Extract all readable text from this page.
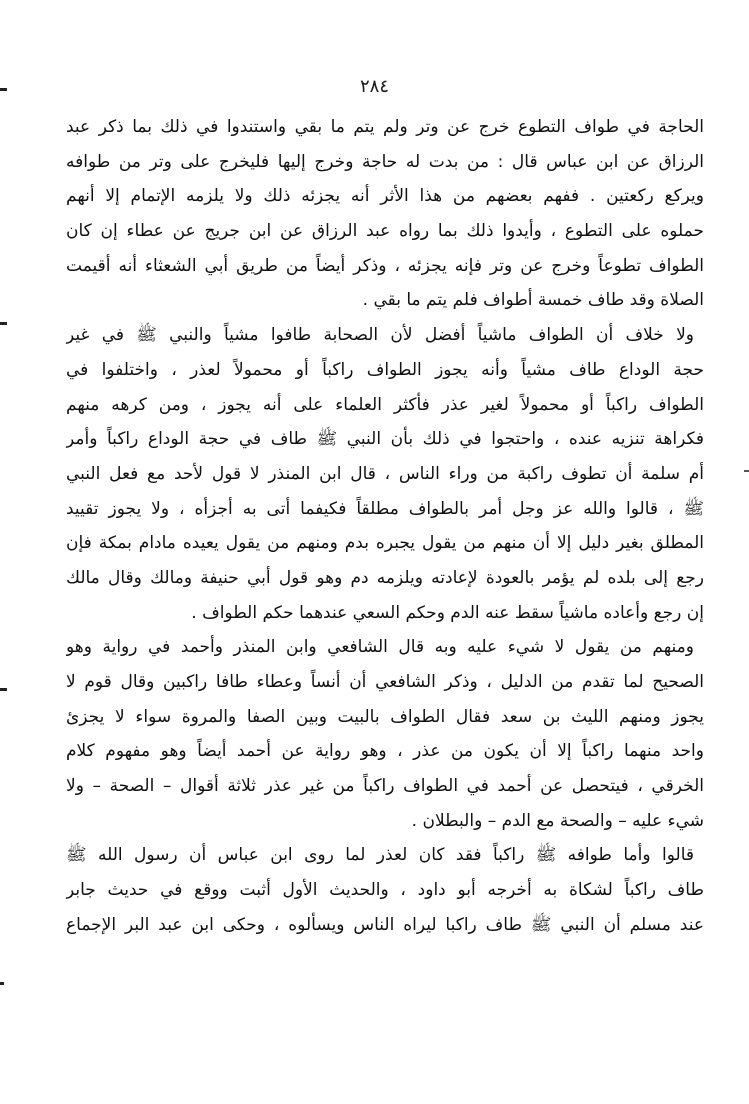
٢٨٤
الحاجة في طواف التطوع خرج عن وتر ولم يتم ما بقي واستندوا في ذلك بما ذكر عبد
الرزاق عن ابن عباس قال : من بدت له حاجة وخرج إليها فليخرج على وتر من طوافه
ويركع ركعتين . ففهم بعضهم من هذا الأثر أنه يجزئه ذلك ولا يلزمه الإتمام إلا أنهم
حملوه على التطوع ، وأيدوا ذلك بما رواه عبد الرزاق عن ابن جريج عن عطاء إن كان
الطواف تطوعاً وخرج عن وتر فإنه يجزئه ، وذكر أيضاً من طريق أبي الشعثاء أنه أقيمت
الصلاة وقد طاف خمسة أطواف فلم يتم ما بقي .
ولا خلاف أن الطواف ماشياً أفضل لأن الصحابة طافوا مشياً والنبي ﷺ في غير
حجة الوداع طاف مشياً وأنه يجوز الطواف راكباً أو محمولاً لعذر ، واختلفوا في
الطواف راكباً أو محمولاً لغير عذر فأكثر العلماء على أنه يجوز ، ومن كرهه منهم
فكراهة تنزيه عنده ، واحتجوا في ذلك بأن النبي ﷺ طاف في حجة الوداع راكباً وأمر
أم سلمة أن تطوف راكبة من وراء الناس ، قال ابن المنذر لا قول لأحد مع فعل النبي
ﷺ ، قالوا والله عز وجل أمر بالطواف مطلقاً فكيفما أتى به أجزأه ، ولا يجوز تقييد
المطلق بغير دليل إلا أن منهم من يقول يجبره بدم ومنهم من يقول يعيده مادام بمكة فإن
رجع إلى بلده لم يؤمر بالعودة لإعادته ويلزمه دم وهو قول أبي حنيفة ومالك وقال مالك
إن رجع وأعاده ماشياً سقط عنه الدم وحكم السعي عندهما حكم الطواف .
ومنهم من يقول لا شيء عليه وبه قال الشافعي وابن المنذر وأحمد في رواية وهو
الصحيح لما تقدم من الدليل ، وذكر الشافعي أن أنساً وعطاء طافا راكبين وقال قوم لا
يجوز ومنهم الليث بن سعد فقال الطواف بالبيت وبين الصفا والمروة سواء لا يجزئ
واحد منهما راكباً إلا أن يكون من عذر ، وهو رواية عن أحمد أيضاً وهو مفهوم كلام
الخرقي ، فيتحصل عن أحمد في الطواف راكباً من غير عذر ثلاثة أقوال – الصحة – ولا
شيء عليه – والصحة مع الدم – والبطلان .
قالوا وأما طوافه ﷺ راكباً فقد كان لعذر لما روى ابن عباس أن رسول الله ﷺ
طاف راكباً لشكاة به أخرجه أبو داود ، والحديث الأول أثبت ووقع في حديث جابر
عند مسلم أن النبي ﷺ طاف راكبا ليراه الناس ويسألوه ، وحكى ابن عبد البر الإجماع
